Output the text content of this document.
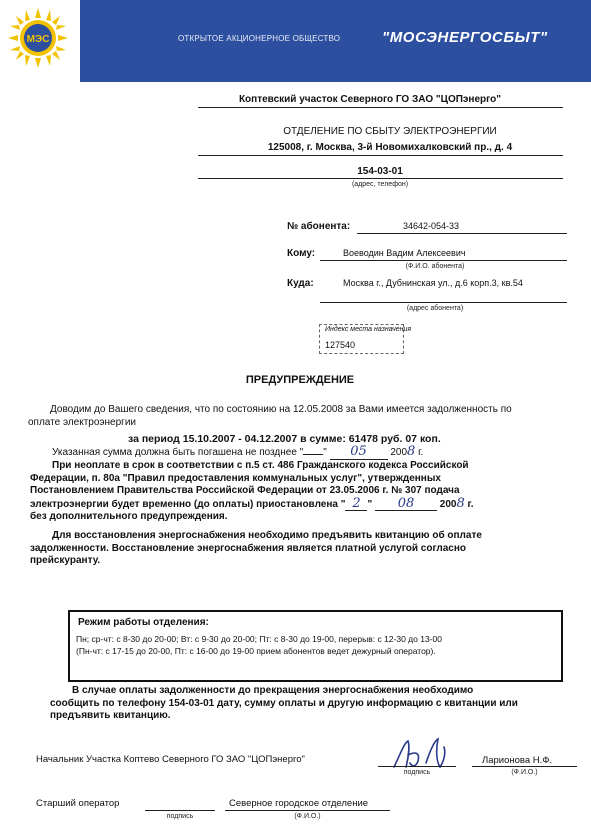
ОТКРЫТОЕ АКЦИОНЕРНОЕ ОБЩЕСТВО	"МОСЭНЕРГОСБЫТ"
МЭС
Коптевский участок Северного ГО ЗАО "ЦОПэнерго"
ОТДЕЛЕНИЕ ПО СБЫТУ ЭЛЕКТРОЭНЕРГИИ
125008, г. Москва, 3-й Новомихалковский пр., д. 4
154-03-01
(адрес, телефон)
№ абонента:	34642-054-33
Кому:	Воеводин Вадим Алексеевич
(Ф.И.О. абонента)
Куда:	Москва г., Дубнинская ул., д.6 корп.3, кв.54
(адрес абонента)
Индекс места назначения
127540
ПРЕДУПРЕЖДЕНИЕ
Доводим до Вашего сведения, что по состоянию на 12.05.2008 за Вами имеется задолженность по
оплате электроэнергии
за период 15.10.2007 - 04.12.2007 в сумме: 61478 руб. 07 коп.
Указанная сумма должна быть погашена не позднее " " 05 2008 г.
При неоплате в срок в соответствии с п.5 ст. 486 Гражданского кодекса Российской
Федерации, п. 80а "Правил предоставления коммунальных услуг", утвержденных
Постановлением Правительства Российской Федерации от 23.05.2006 г. № 307 подача
электроэнергии будет временно (до оплаты) приостановлена " 2 " 08	2008 г.
без дополнительного предупреждения.
Для восстановления энергоснабжения необходимо предъявить квитанцию об оплате
задолженности. Восстановление энергоснабжения является платной услугой согласно
прейскуранту.
Режим работы отделения:
Пн; ср-чт: с 8-30 до 20-00; Вт: с 9-30 до 20-00; Пт: с 8-30 до 19-00, перерыв: с 12-30 до 13-00
(Пн-чт: с 17-15 до 20-00, Пт: с 16-00 до 19-00 прием абонентов ведет дежурный оператор).
В случае оплаты задолженности до прекращения энергоснабжения необходимо
сообщить по телефону 154-03-01 дату, сумму оплаты и другую информацию с квитанции или
предъявить квитанцию.
Начальник Участка Коптево Северного ГО ЗАО "ЦОПэнерго"
подпись
Ларионова Н.Ф.
(Ф.И.О.)
Старший оператор
подпись
Северное городское отделение
(Ф.И.О.)
